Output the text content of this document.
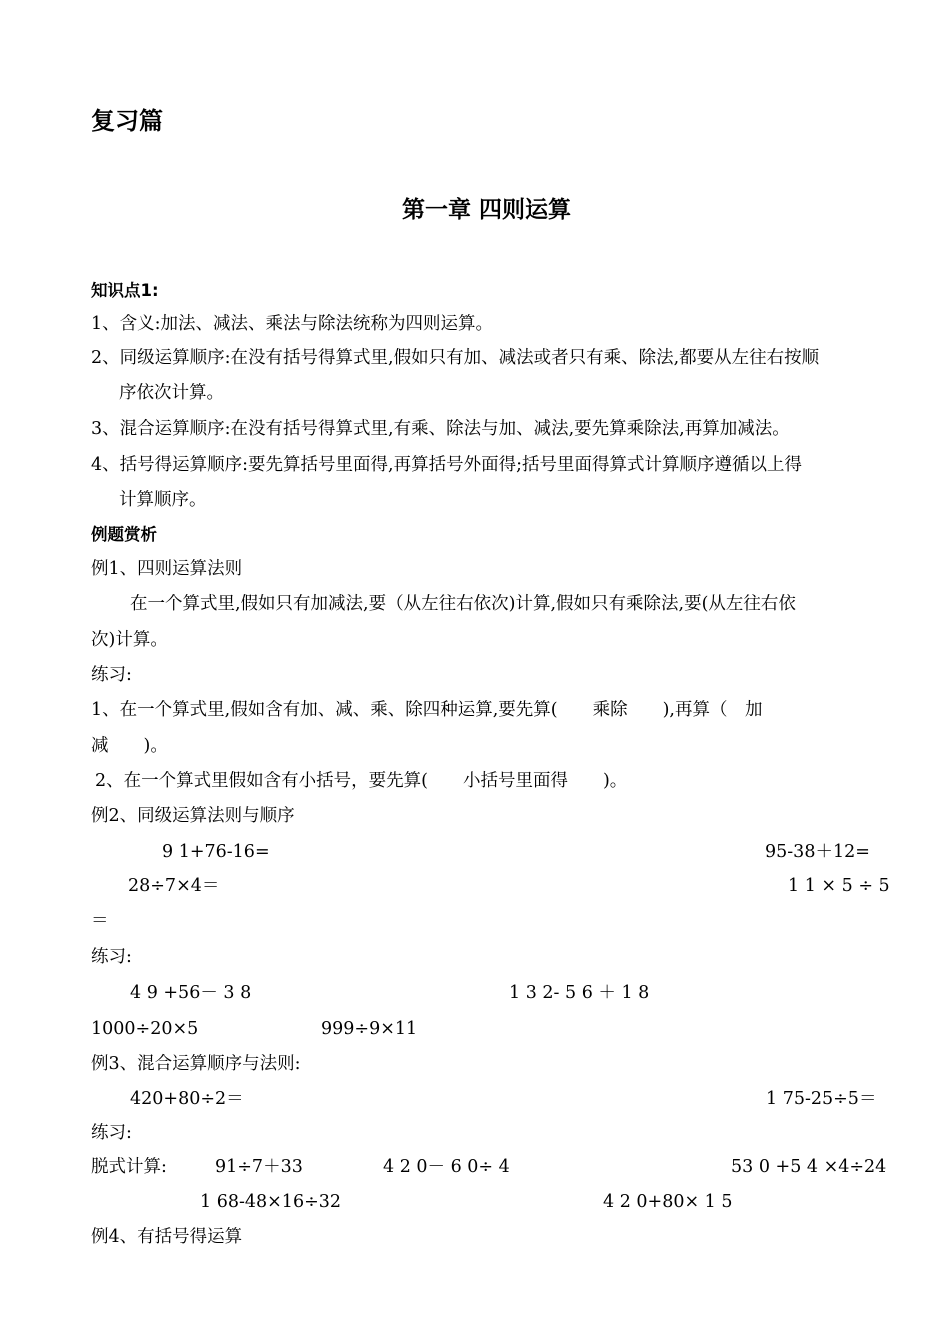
复习篇
第一章 四则运算
知识点1:
1、含义:加法、减法、乘法与除法统称为四则运算。
2、同级运算顺序:在没有括号得算式里,假如只有加、减法或者只有乘、除法,都要从左往右按顺
序依次计算。
3、混合运算顺序:在没有括号得算式里,有乘、除法与加、减法,要先算乘除法,再算加减法。
4、括号得运算顺序:要先算括号里面得,再算括号外面得;括号里面得算式计算顺序遵循以上得
计算顺序。
例题赏析
例1、四则运算法则
在一个算式里,假如只有加减法,要（从左往右依次)计算,假如只有乘除法,要(从左往右依
次)计算。
练习:
1、在一个算式里,假如含有加、减、乘、除四种运算,要先算(　　乘除　　),再算（　加
减　　)。
2、在一个算式里假如含有小括号，要先算(　　小括号里面得　　)。
例2、同级运算法则与顺序
9 1+76-16=	95-38＋12=
28÷7×4＝	1 1 × 5 ÷ 5
＝
练习:
4 9 +56－ 3 8	1 3 2- 5 6 ＋ 1 8
1000÷20×5	999÷9×11
例3、混合运算顺序与法则:
420+80÷2＝	1 75-25÷5＝
练习:
脱式计算:	91÷7＋33	4 2 0－ 6 0÷ 4	53 0 +5 4 ×4÷24
1 68-48×16÷32	4 2 0+80× 1 5
例4、有括号得运算
